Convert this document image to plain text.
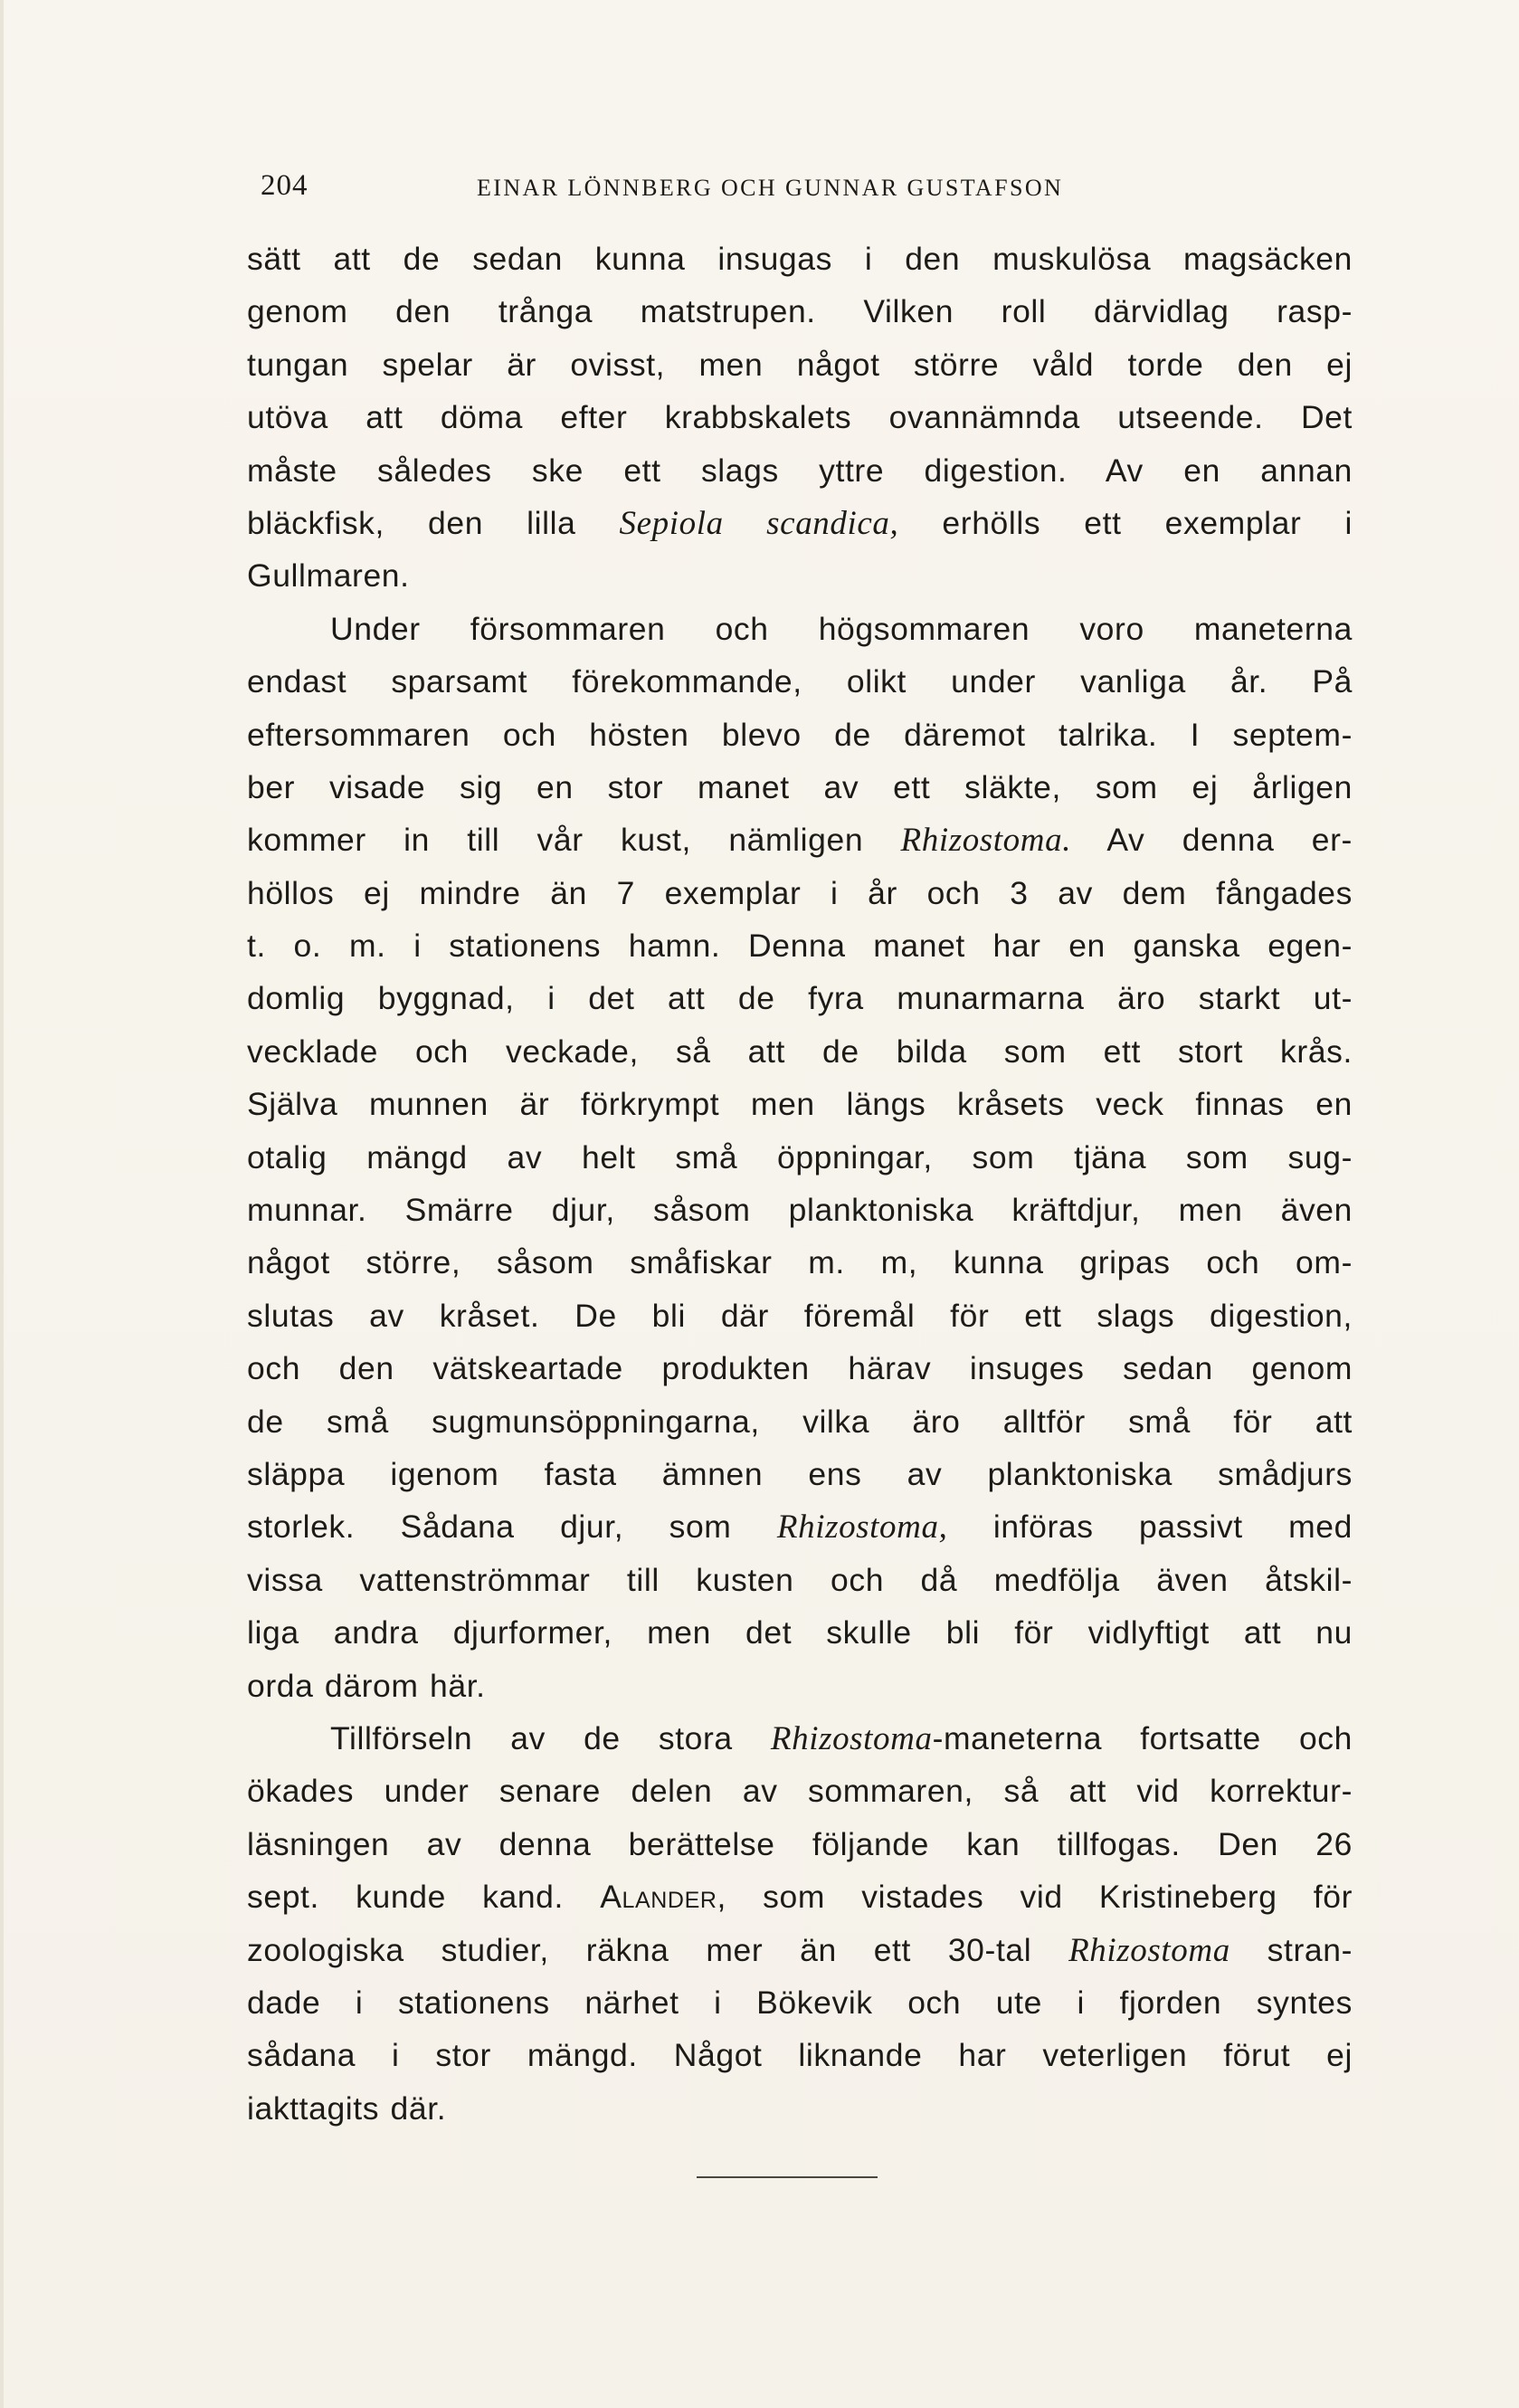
204	EINAR LÖNNBERG OCH GUNNAR GUSTAFSON
sätt att de sedan kunna insugas i den muskulösa magsäcken
genom den trånga matstrupen. Vilken roll därvidlag rasp-
tungan spelar är ovisst, men något större våld torde den ej
utöva att döma efter krabbskalets ovannämnda utseende. Det
måste således ske ett slags yttre digestion. Av en annan
bläckfisk, den lilla Sepiola scandica, erhölls ett exemplar i
Gullmaren.
Under försommaren och högsommaren voro maneterna
endast sparsamt förekommande, olikt under vanliga år. På
eftersommaren och hösten blevo de däremot talrika. I septem-
ber visade sig en stor manet av ett släkte, som ej årligen
kommer in till vår kust, nämligen Rhizostoma. Av denna er-
höllos ej mindre än 7 exemplar i år och 3 av dem fångades
t. o. m. i stationens hamn. Denna manet har en ganska egen-
domlig byggnad, i det att de fyra munarmarna äro starkt ut-
vecklade och veckade, så att de bilda som ett stort krås.
Själva munnen är förkrympt men längs kråsets veck finnas en
otalig mängd av helt små öppningar, som tjäna som sug-
munnar. Smärre djur, såsom planktoniska kräftdjur, men även
något större, såsom småfiskar m. m, kunna gripas och om-
slutas av kråset. De bli där föremål för ett slags digestion,
och den vätskeartade produkten härav insuges sedan genom
de små sugmunsöppningarna, vilka äro alltför små för att
släppa igenom fasta ämnen ens av planktoniska smådjurs
storlek. Sådana djur, som Rhizostoma, införas passivt med
vissa vattenströmmar till kusten och då medfölja även åtskil-
liga andra djurformer, men det skulle bli för vidlyftigt att nu
orda därom här.
Tillförseln av de stora Rhizostoma-maneterna fortsatte och
ökades under senare delen av sommaren, så att vid korrektur-
läsningen av denna berättelse följande kan tillfogas. Den 26
sept. kunde kand. Alander, som vistades vid Kristineberg för
zoologiska studier, räkna mer än ett 30-tal Rhizostoma stran-
dade i stationens närhet i Bökevik och ute i fjorden syntes
sådana i stor mängd. Något liknande har veterligen förut ej
iakttagits där.
